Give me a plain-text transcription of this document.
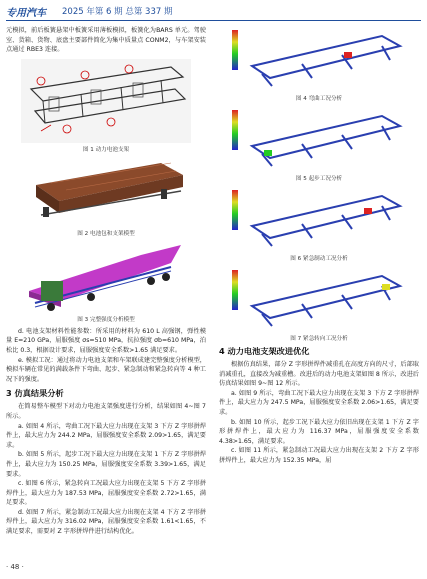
专用汽车 2025 年第 6 期 总第 337 期

元模拟，前后板簧悬架中板簧采用薄板模拟，板簧化为BARS 单元。驾驶室、货箱、货物、底盘主要部件简化为集中质量点 CONM2，与车架安装点通过 RBE3 连接。

图 1 动力电池支架
图 2 电池包和支架模型
图 3 完整强度分析模型

d. 电池支架材料性能参数：所采用的材料为 610 L 高强钢，弹性模量 E=210 GPa，屈服强度 σs=510 MPa，抗拉强度 σb=610 MPa，泊松比 0.3，根据设计要求，屈服强度安全系数>1.65 满足要求。

e. 模拟工况：通过将动力电池支架和车架联成建完整强度分析模型，模拟车辆在常见的满载条件下弯曲、起步、紧急制动和紧急转向等 4 种工况下的强度。

3 仿真结果分析

在简易整车模型下对动力电池支架强度进行分析，结果如图 4~图 7 所示。

a. 如图 4 所示，弯曲工况下最大应力出现在支架 3 下方 Z 字形拼焊件上，最大应力为 244.2 MPa，屈服强度安全系数 2.09>1.65，满足要求。

b. 如图 5 所示，起步工况下最大应力出现在支架 1 下方 Z 字形拼焊件上，最大应力为 150.25 MPa，屈服强度安全系数 3.39>1.65，满足要求。

c. 如图 6 所示，紧急转向工况最大应力出现在支架 5 下方 Z 字形拼焊件上，最大应力为 187.53 MPa，屈服强度安全系数 2.72>1.65，满足要求。

d. 如图 7 所示，紧急制动工况最大应力出现在支架 4 下方 Z 字形拼焊件上，最大应力为 316.02 MPa，屈服强度安全系数 1.61<1.65，不满足要求，需要对 Z 字形拼焊件进行结构优化。

· 48 ·
图 4 弯曲工况分析
图 5 起步工况分析
图 6 紧急制动工况分析
图 7 紧急转向工况分析
4 动力电池支架改进优化

根据仿真结果，部分 Z 字形拼焊件减重孔在高度方向的尺寸，后部取消减重孔，直接改为减重槽。改进后的动力电池支架如图 8 所示，改进后仿真结果如图 9~图 12 所示。

a. 如图 9 所示，弯曲工况下最大应力出现在支架 3 下方 Z 字形拼焊件上，最大应力为 247.5 MPa，屈服强度安全系数 2.06>1.65，满足要求。

b. 如图 10 所示，起步工况下最大应力依旧出现在支架 1 下方 Z 字形拼焊件上，最大应力为 116.37 MPa，屈服强度安全系数 4.38>1.65，满足要求。

c. 如图 11 所示，紧急制动工况最大应力出现在支架 2 下方 Z 字形拼焊件上，最大应力为 152.35 MPa，屈
